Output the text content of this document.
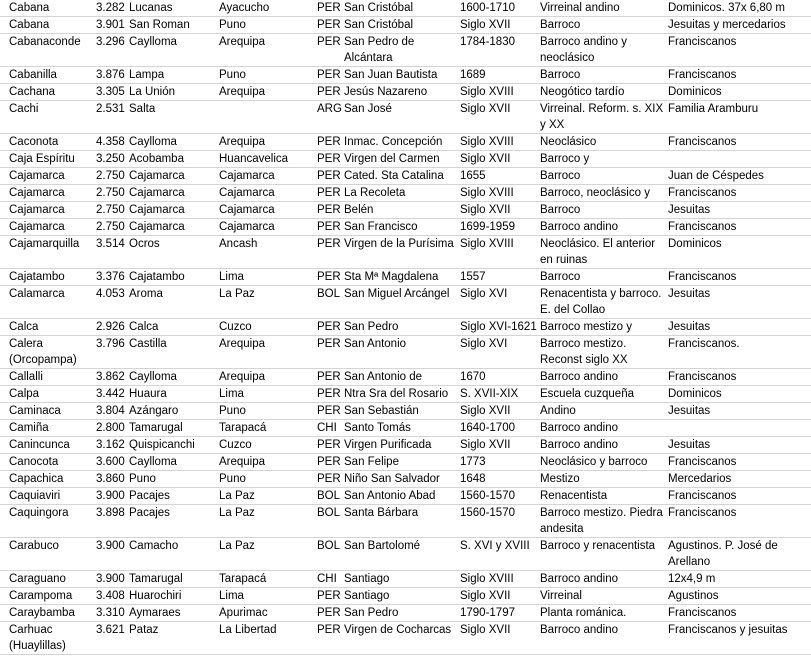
Cabana	3.282	Lucanas	Ayacucho	PER	San Cristóbal	1600-1710	Virreinal andino	Dominicos. 37x 6,80 m
Cabana	3.901	San Roman	Puno	PER	San Cristóbal	Siglo XVII	Barroco	Jesuitas y mercedarios
Cabanaconde	3.296	Caylloma	Arequipa	PER	San Pedro de Alcántara	1784-1830	Barroco andino y neoclásico	Franciscanos
Cabanilla	3.876	Lampa	Puno	PER	San Juan Bautista	1689	Barroco	Franciscanos
Cachana	3.305	La Unión	Arequipa	PER	Jesús Nazareno	Siglo XVIII	Neogótico tardío	Dominicos
Cachi	2.531	Salta		ARG	San José	Siglo XVII	Virreinal. Reform. s. XIX y XX	Familia Aramburu
Caconota	4.358	Caylloma	Arequipa	PER	Inmac. Concepción	Siglo XVIII	Neoclásico	Franciscanos
Caja Espíritu	3.250	Acobamba	Huancavelica	PER	Virgen del Carmen	Siglo XVII	Barroco y	
Cajamarca	2.750	Cajamarca	Cajamarca	PER	Cated. Sta Catalina	1655	Barroco	Juan de Céspedes
Cajamarca	2.750	Cajamarca	Cajamarca	PER	La Recoleta	Siglo XVIII	Barroco, neoclásico y	Franciscanos
Cajamarca	2.750	Cajamarca	Cajamarca	PER	Belén	Siglo XVII	Barroco	Jesuitas
Cajamarca	2.750	Cajamarca	Cajamarca	PER	San Francisco	1699-1959	Barroco andino	Franciscanos
Cajamarquilla	3.514	Ocros	Ancash	PER	Virgen de la Purísima	Siglo XVIII	Neoclásico. El anterior en ruinas	Dominicos
Cajatambo	3.376	Cajatambo	Lima	PER	Sta Mª Magdalena	1557	Barroco	Franciscanos
Calamarca	4.053	Aroma	La Paz	BOL	San Miguel Arcángel	Siglo XVI	Renacentista y barroco. E. del Collao	Jesuitas
Calca	2.926	Calca	Cuzco	PER	San Pedro	Siglo XVI-1621	Barroco mestizo y	Jesuitas
Calera (Orcopampa)	3.796	Castilla	Arequipa	PER	San Antonio	Siglo XVI	Barroco mestizo. Reconst siglo XX	Franciscanos.
Callalli	3.862	Caylloma	Arequipa	PER	San Antonio de	1670	Barroco andino	Franciscanos
Calpa	3.442	Huaura	Lima	PER	Ntra Sra del Rosario	S. XVII-XIX	Escuela cuzqueña	Dominicos
Caminaca	3.804	Azángaro	Puno	PER	San Sebastián	Siglo XVII	Andino	Jesuitas
Camiña	2.800	Tamarugal	Tarapacá	CHI	Santo Tomás	1640-1700	Barroco andino	
Canincunca	3.162	Quispicanchi	Cuzco	PER	Virgen Purificada	Siglo XVII	Barroco andino	Jesuitas
Canocota	3.600	Caylloma	Arequipa	PER	San Felipe	1773	Neoclásico y barroco	Franciscanos
Capachica	3.860	Puno	Puno	PER	Niño San Salvador	1648	Mestizo	Mercedarios
Caquiaviri	3.900	Pacajes	La Paz	BOL	San Antonio Abad	1560-1570	Renacentista	Franciscanos
Caquingora	3.898	Pacajes	La Paz	BOL	Santa Bárbara	1560-1570	Barroco mestizo. Piedra andesita	Franciscanos
Carabuco	3.900	Camacho	La Paz	BOL	San Bartolomé	S. XVI y XVIII	Barroco y renacentista	Agustinos. P. José de Arellano
Caraguano	3.900	Tamarugal	Tarapacá	CHI	Santiago	Siglo XVIII	Barroco andino	12x4,9 m
Carampoma	3.408	Huarochiri	Lima	PER	Santiago	Siglo XVII	Virreinal	Agustinos
Caraybamba	3.310	Aymaraes	Apurimac	PER	San Pedro	1790-1797	Planta románica.	Franciscanos
Carhuac (Huaylillas)	3.621	Pataz	La Libertad	PER	Virgen de Cocharcas	Siglo XVII	Barroco andino	Franciscanos y jesuitas
